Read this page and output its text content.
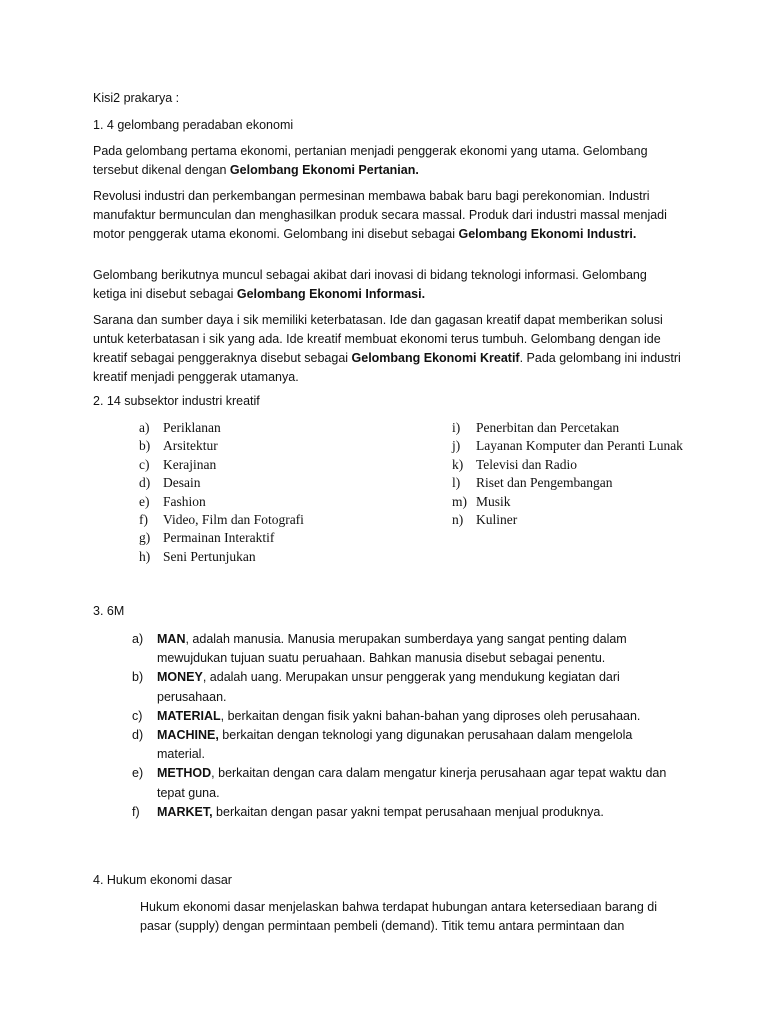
Kisi2 prakarya :

1. 4 gelombang peradaban ekonomi

Pada gelombang pertama ekonomi, pertanian menjadi penggerak ekonomi yang utama. Gelombang tersebut dikenal dengan Gelombang Ekonomi Pertanian.

Revolusi industri dan perkembangan permesinan membawa babak baru bagi perekonomian. Industri manufaktur bermunculan dan menghasilkan produk secara massal. Produk dari industri massal menjadi motor penggerak utama ekonomi. Gelombang ini disebut sebagai Gelombang Ekonomi Industri.

Gelombang berikutnya muncul sebagai akibat dari inovasi di bidang teknologi informasi. Gelombang ketiga ini disebut sebagai Gelombang Ekonomi Informasi.

Sarana dan sumber daya i sik memiliki keterbatasan. Ide dan gagasan kreatif dapat memberikan solusi untuk keterbatasan i sik yang ada. Ide kreatif membuat ekonomi terus tumbuh. Gelombang dengan ide kreatif sebagai penggeraknya disebut sebagai Gelombang Ekonomi Kreatif. Pada gelombang ini industri kreatif menjadi penggerak utamanya.

2. 14 subsektor industri kreatif

a) Periklanan
b) Arsitektur
c) Kerajinan
d) Desain
e) Fashion
f) Video, Film dan Fotografi
g) Permainan Interaktif
h) Seni Pertunjukan
i) Penerbitan dan Percetakan
j) Layanan Komputer dan Peranti Lunak
k) Televisi dan Radio
l) Riset dan Pengembangan
m) Musik
n) Kuliner

3. 6M

a) MAN, adalah manusia. Manusia merupakan sumberdaya yang sangat penting dalam mewujdukan tujuan suatu peruahaan. Bahkan manusia disebut sebagai penentu.
b) MONEY, adalah uang. Merupakan unsur penggerak yang mendukung kegiatan dari perusahaan.
c) MATERIAL, berkaitan dengan fisik yakni bahan-bahan yang diproses oleh perusahaan.
d) MACHINE, berkaitan dengan teknologi yang digunakan perusahaan dalam mengelola material.
e) METHOD, berkaitan dengan cara dalam mengatur kinerja perusahaan agar tepat waktu dan tepat guna.
f) MARKET, berkaitan dengan pasar yakni tempat perusahaan menjual produknya.

4. Hukum ekonomi dasar

Hukum ekonomi dasar menjelaskan bahwa terdapat hubungan antara ketersediaan barang di pasar (supply) dengan permintaan pembeli (demand). Titik temu antara permintaan dan
